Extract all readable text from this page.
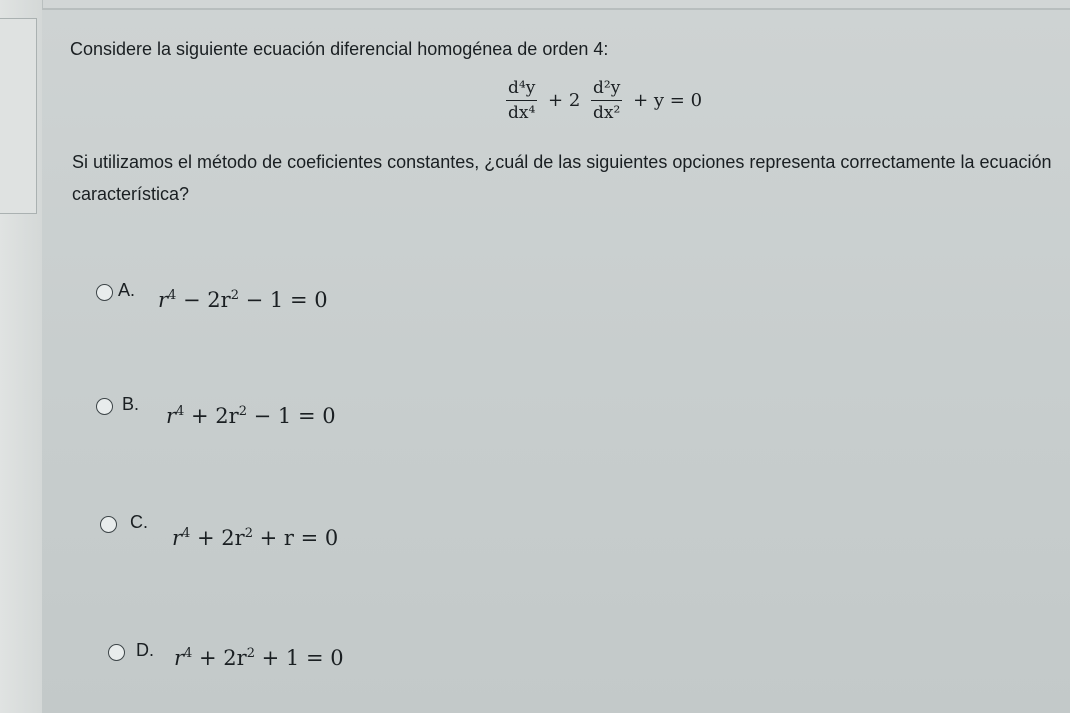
Considere la siguiente ecuación diferencial homogénea de orden 4:
$\frac{\text{d⁴y}}{\text{dx⁴}} + 2 \frac{\text{d²y}}{\text{dx²}} + y = 0$
Si utilizamos el método de coeficientes constantes, ¿cuál de las siguientes opciones representa correctamente la ecuación característica?
A. $r^4 - 2r^2 - 1 = 0$
B. $r^4 + 2r^2 - 1 = 0$
C.
$r^4 + 2r^2 + r = 0$
D. $r^4 + 2r^2 + 1 = 0$
